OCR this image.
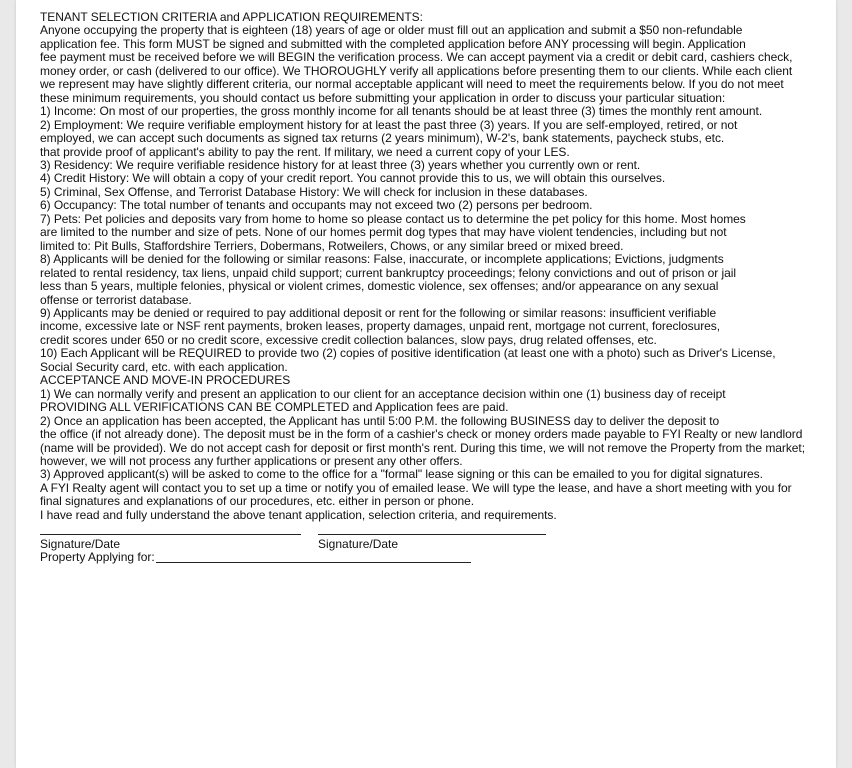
TENANT SELECTION CRITERIA and APPLICATION REQUIREMENTS:
Anyone occupying the property that is eighteen (18) years of age or older must fill out an application and submit a $50 non-refundable
application fee. This form MUST be signed and submitted with the completed application before ANY processing will begin. Application
fee payment must be received before we will BEGIN the verification process. We can accept payment via a credit or debit card, cashiers check,
money order, or cash (delivered to our office). We THOROUGHLY verify all applications before presenting them to our clients. While each client
we represent may have slightly different criteria, our normal acceptable applicant will need to meet the requirements below. If you do not meet
these minimum requirements, you should contact us before submitting your application in order to discuss your particular situation:
1) Income: On most of our properties, the gross monthly income for all tenants should be at least three (3) times the monthly rent amount.
2) Employment: We require verifiable employment history for at least the past three (3) years. If you are self-employed, retired, or not
employed, we can accept such documents as signed tax returns (2 years minimum), W-2's, bank statements, paycheck stubs, etc.
that provide proof of applicant's ability to pay the rent. If military, we need a current copy of your LES.
3) Residency: We require verifiable residence history for at least three (3) years whether you currently own or rent.
4) Credit History: We will obtain a copy of your credit report. You cannot provide this to us, we will obtain this ourselves.
5) Criminal, Sex Offense, and Terrorist Database History: We will check for inclusion in these databases.
6) Occupancy: The total number of tenants and occupants may not exceed two (2) persons per bedroom.
7) Pets: Pet policies and deposits vary from home to home so please contact us to determine the pet policy for this home. Most homes
are limited to the number and size of pets. None of our homes permit dog types that may have violent tendencies, including but not
limited to: Pit Bulls, Staffordshire Terriers, Dobermans, Rotweilers, Chows, or any similar breed or mixed breed.
8) Applicants will be denied for the following or similar reasons: False, inaccurate, or incomplete applications; Evictions, judgments
related to rental residency, tax liens, unpaid child support; current bankruptcy proceedings; felony convictions and out of prison or jail
less than 5 years, multiple felonies, physical or violent crimes, domestic violence, sex offenses; and/or appearance on any sexual
offense or terrorist database.
9) Applicants may be denied or required to pay additional deposit or rent for the following or similar reasons: insufficient verifiable
income, excessive late or NSF rent payments, broken leases, property damages, unpaid rent, mortgage not current, foreclosures,
credit scores under 650 or no credit score, excessive credit collection balances, slow pays, drug related offenses, etc.
10) Each Applicant will be REQUIRED to provide two (2) copies of positive identification (at least one with a photo) such as Driver's License,
Social Security card, etc. with each application.
ACCEPTANCE AND MOVE-IN PROCEDURES
1) We can normally verify and present an application to our client for an acceptance decision within one (1) business day of receipt
PROVIDING ALL VERIFICATIONS CAN BE COMPLETED and Application fees are paid.
2) Once an application has been accepted, the Applicant has until 5:00 P.M. the following BUSINESS day to deliver the deposit to
the office (if not already done). The deposit must be in the form of a cashier's check or money orders made payable to FYI Realty or new landlord
(name will be provided). We do not accept cash for deposit or first month's rent. During this time, we will not remove the Property from the market;
however, we will not process any further applications or present any other offers.
3) Approved applicant(s) will be asked to come to the office for a "formal" lease signing or this can be emailed to you for digital signatures.
A FYI Realty agent will contact you to set up a time or notify you of emailed lease. We will type the lease, and have a short meeting with you for
final signatures and explanations of our procedures, etc. either in person or phone.
I have read and fully understand the above tenant application, selection criteria, and requirements.
Signature/Date	Signature/Date
Property Applying for:
